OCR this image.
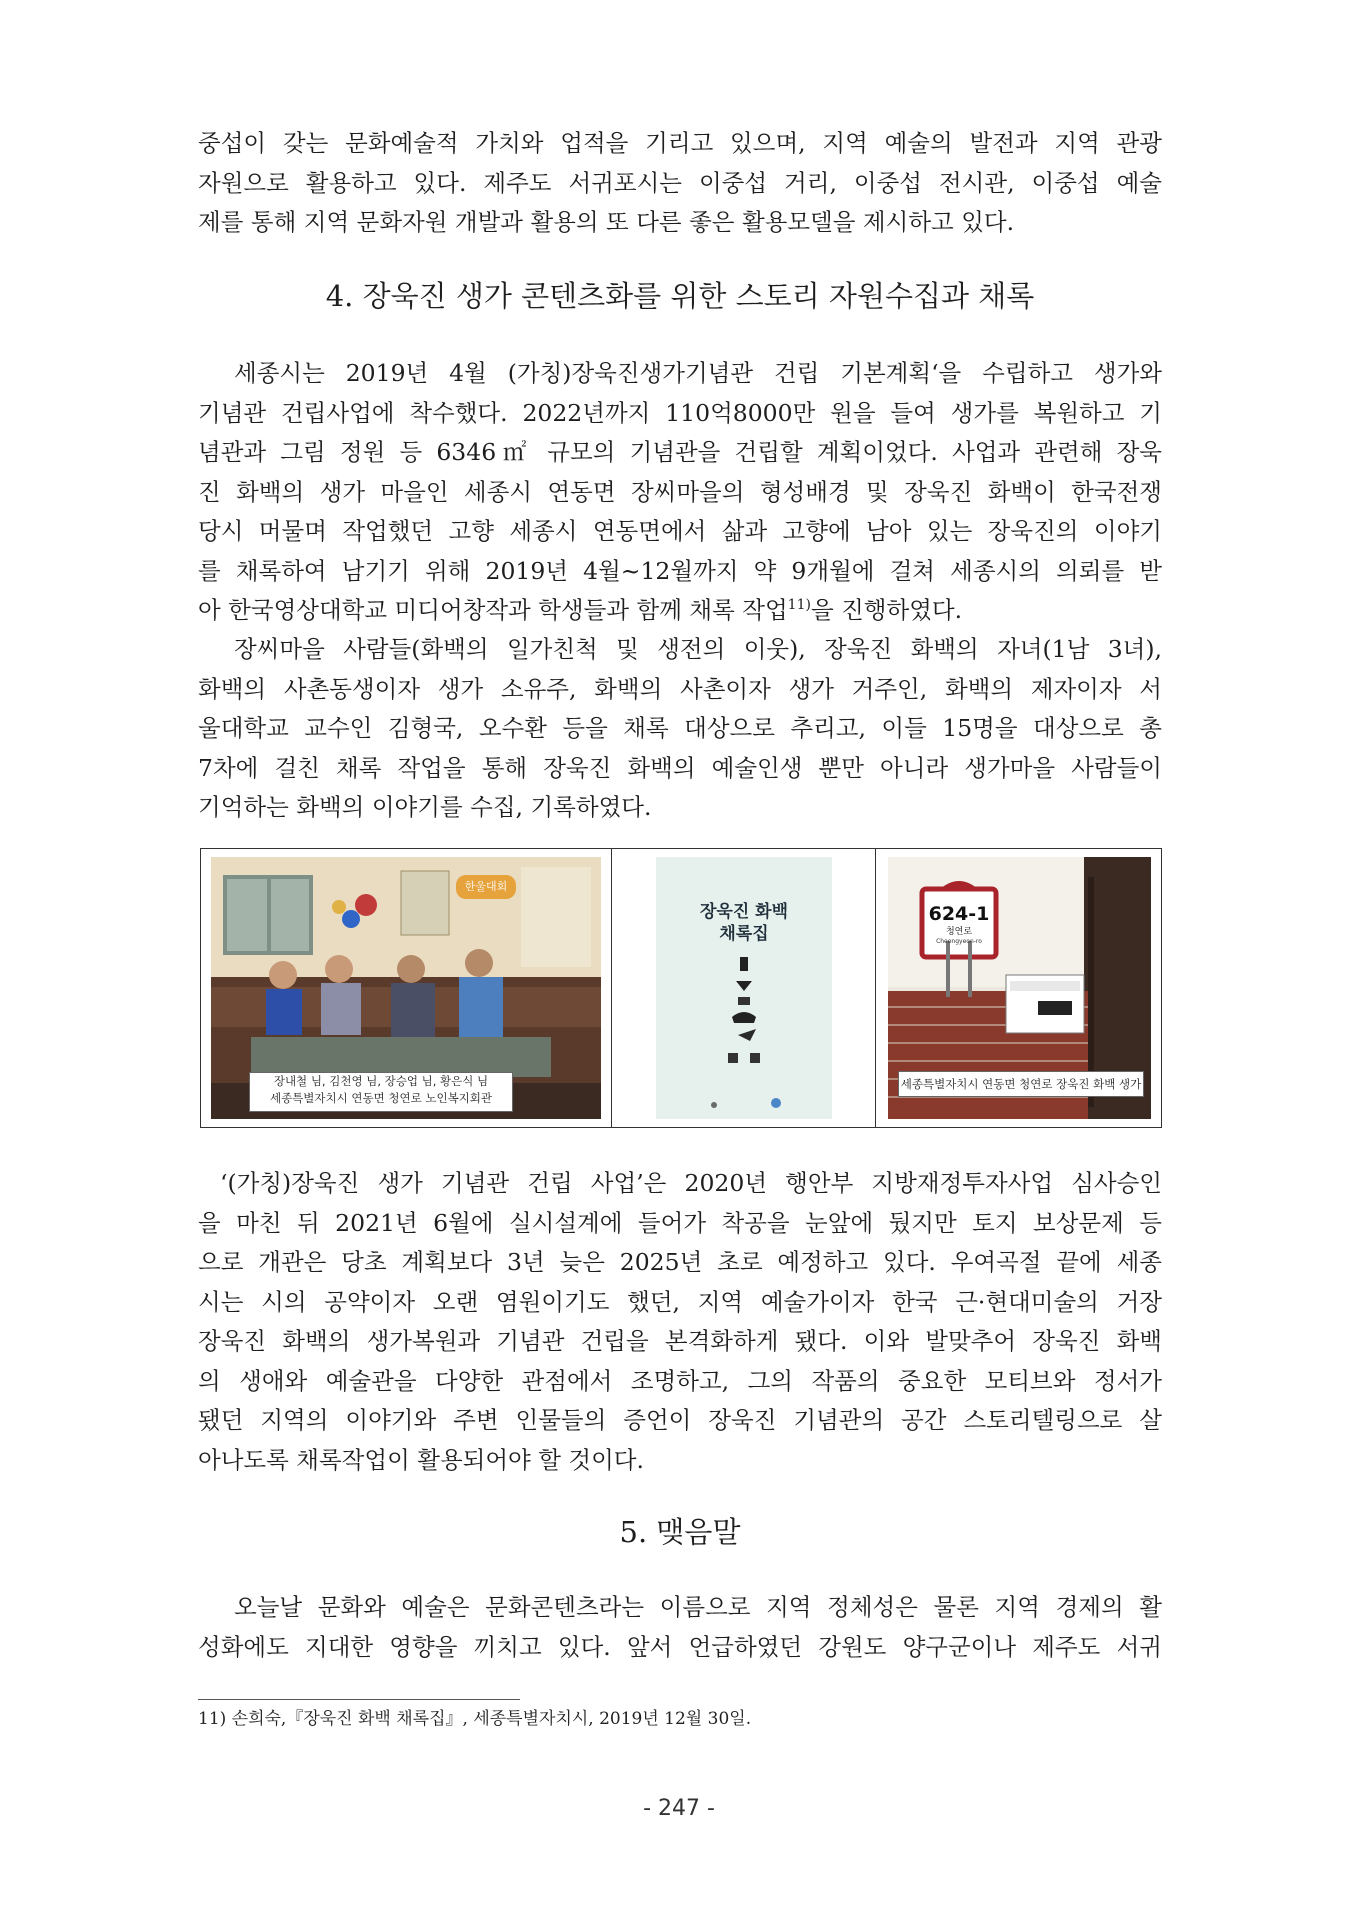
중섭이 갖는 문화예술적 가치와 업적을 기리고 있으며, 지역 예술의 발전과 지역 관광
자원으로 활용하고 있다. 제주도 서귀포시는 이중섭 거리, 이중섭 전시관, 이중섭 예술
제를 통해 지역 문화자원 개발과 활용의 또 다른 좋은 활용모델을 제시하고 있다.
4. 장욱진 생가 콘텐츠화를 위한 스토리 자원수집과 채록
세종시는 2019년 4월 (가칭)장욱진생가기념관 건립 기본계획‘을 수립하고 생가와
기념관 건립사업에 착수했다. 2022년까지 110억8000만 원을 들여 생가를 복원하고 기
념관과 그림 정원 등 6346㎡ 규모의 기념관을 건립할 계획이었다. 사업과 관련해 장욱
진 화백의 생가 마을인 세종시 연동면 장씨마을의 형성배경 및 장욱진 화백이 한국전쟁
당시 머물며 작업했던 고향 세종시 연동면에서 삶과 고향에 남아 있는 장욱진의 이야기
를 채록하여 남기기 위해 2019년 4월~12월까지 약 9개월에 걸쳐 세종시의 의뢰를 받
아 한국영상대학교 미디어창작과 학생들과 함께 채록 작업$^{11)}$을 진행하였다.
장씨마을 사람들(화백의 일가친척 및 생전의 이웃), 장욱진 화백의 자녀(1남 3녀),
화백의 사촌동생이자 생가 소유주, 화백의 사촌이자 생가 거주인, 화백의 제자이자 서
울대학교 교수인 김형국, 오수환 등을 채록 대상으로 추리고, 이들 15명을 대상으로 총
7차에 걸친 채록 작업을 통해 장욱진 화백의 예술인생 뿐만 아니라 생가마을 사람들이
기억하는 화백의 이야기를 수집, 기록하였다.
장내철 님, 김천영 님, 장승업 님, 황은식 님
세종특별자치시 연동면 청연로 노인복지회관
한울대회
장욱진 화백
채록집
624-1
청연로
Cheongyeon-ro
세종특별자치시 연동면 청연로 장욱진 화백 생가
‘(가칭)장욱진 생가 기념관 건립 사업’은 2020년 행안부 지방재정투자사업 심사승인
을 마친 뒤 2021년 6월에 실시설계에 들어가 착공을 눈앞에 뒀지만 토지 보상문제 등
으로 개관은 당초 계획보다 3년 늦은 2025년 초로 예정하고 있다. 우여곡절 끝에 세종
시는 시의 공약이자 오랜 염원이기도 했던, 지역 예술가이자 한국 근·현대미술의 거장
장욱진 화백의 생가복원과 기념관 건립을 본격화하게 됐다. 이와 발맞추어 장욱진 화백
의 생애와 예술관을 다양한 관점에서 조명하고, 그의 작품의 중요한 모티브와 정서가
됐던 지역의 이야기와 주변 인물들의 증언이 장욱진 기념관의 공간 스토리텔링으로 살
아나도록 채록작업이 활용되어야 할 것이다.
5. 맺음말
오늘날 문화와 예술은 문화콘텐츠라는 이름으로 지역 정체성은 물론 지역 경제의 활
성화에도 지대한 영향을 끼치고 있다. 앞서 언급하였던 강원도 양구군이나 제주도 서귀
11) 손희숙,『장욱진 화백 채록집』, 세종특별자치시, 2019년 12월 30일.
- 247 -
